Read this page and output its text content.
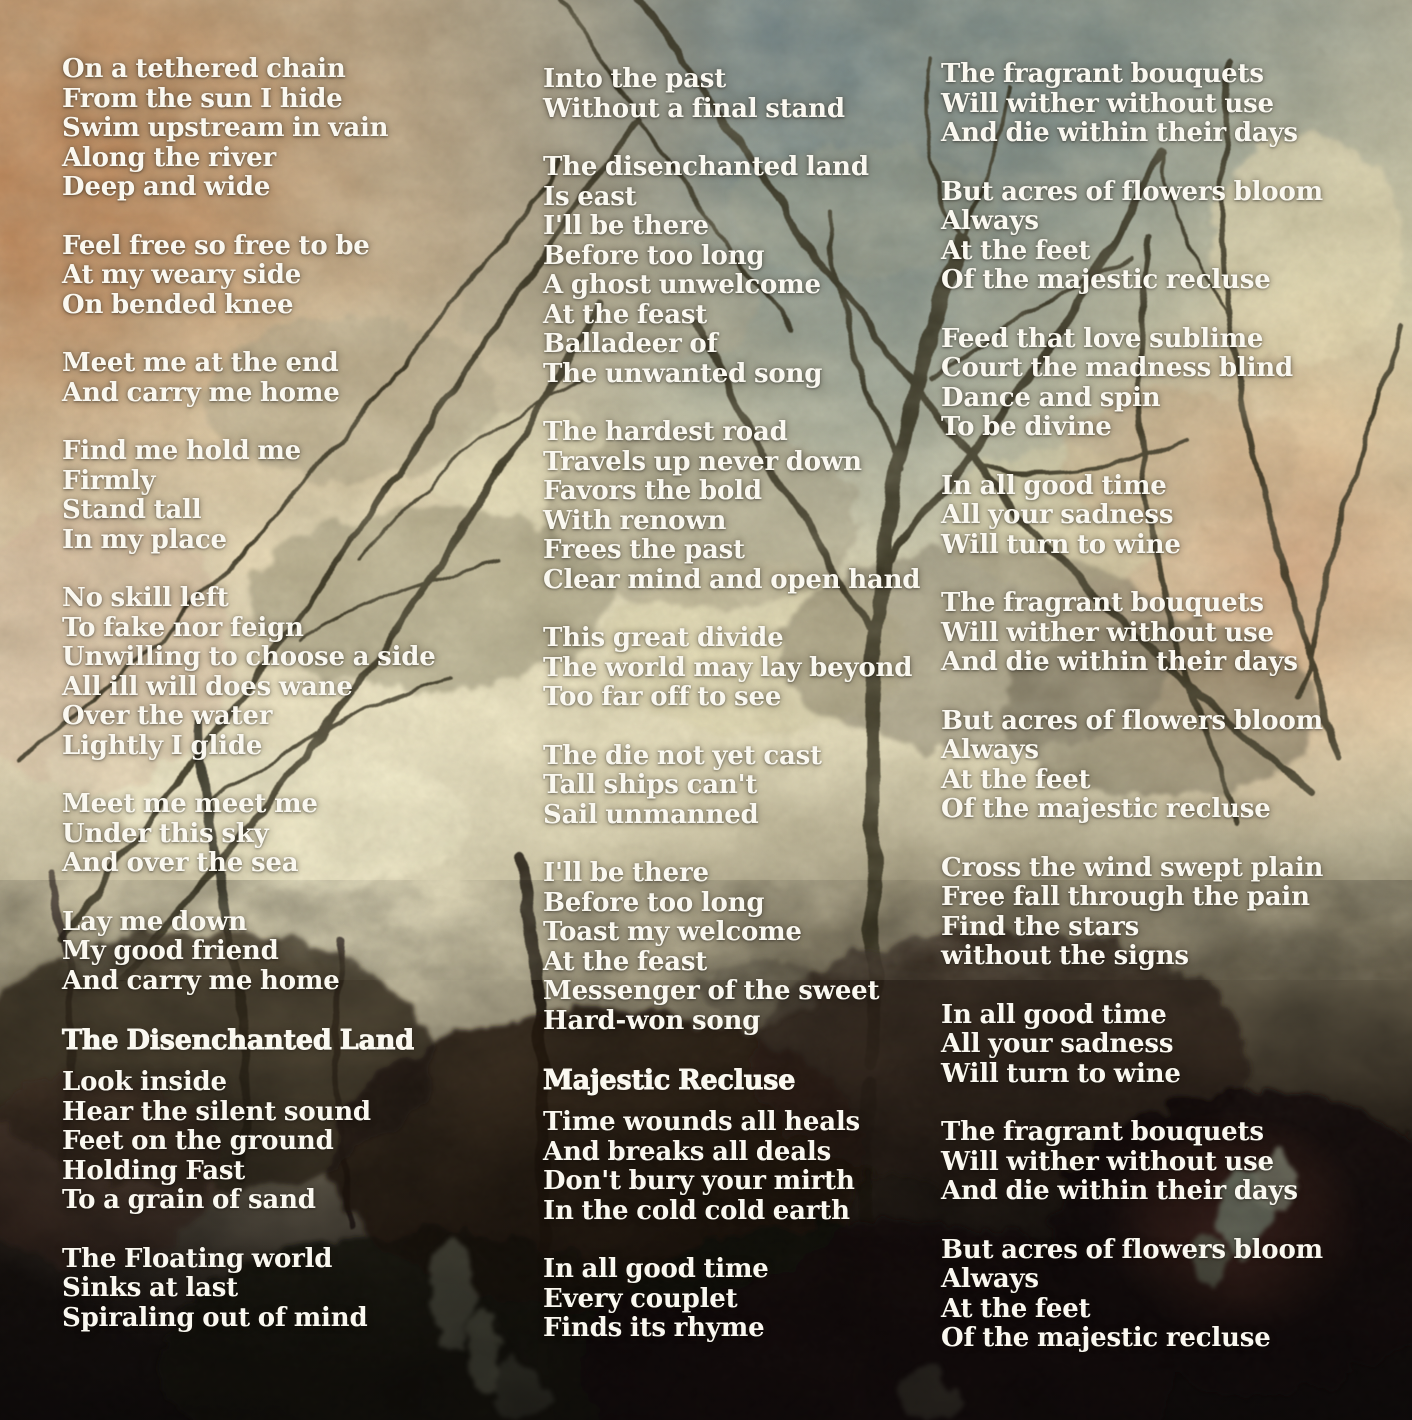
On a tethered chain
From the sun I hide
Swim upstream in vain
Along the river
Deep and wide
Feel free so free to be
At my weary side
On bended knee
Meet me at the end
And carry me home
Find me hold me
Firmly
Stand tall
In my place
No skill left
To fake nor feign
Unwilling to choose a side
All ill will does wane
Over the water
Lightly I glide
Meet me meet me
Under this sky
And over the sea
Lay me down
My good friend
And carry me home
The Disenchanted Land
Look inside
Hear the silent sound
Feet on the ground
Holding Fast
To a grain of sand
The Floating world
Sinks at last
Spiraling out of mind
Into the past
Without a final stand
The disenchanted land
Is east
I'll be there
Before too long
A ghost unwelcome
At the feast
Balladeer of
The unwanted song
The hardest road
Travels up never down
Favors the bold
With renown
Frees the past
Clear mind and open hand
This great divide
The world may lay beyond
Too far off to see
The die not yet cast
Tall ships can't
Sail unmanned
I'll be there
Before too long
Toast my welcome
At the feast
Messenger of the sweet
Hard-won song
Majestic Recluse
Time wounds all heals
And breaks all deals
Don't bury your mirth
In the cold cold earth
In all good time
Every couplet
Finds its rhyme
The fragrant bouquets
Will wither without use
And die within their days
But acres of flowers bloom
Always
At the feet
Of the majestic recluse
Feed that love sublime
Court the madness blind
Dance and spin
To be divine
In all good time
All your sadness
Will turn to wine
The fragrant bouquets
Will wither without use
And die within their days
But acres of flowers bloom
Always
At the feet
Of the majestic recluse
Cross the wind swept plain
Free fall through the pain
Find the stars
without the signs
In all good time
All your sadness
Will turn to wine
The fragrant bouquets
Will wither without use
And die within their days
But acres of flowers bloom
Always
At the feet
Of the majestic recluse
